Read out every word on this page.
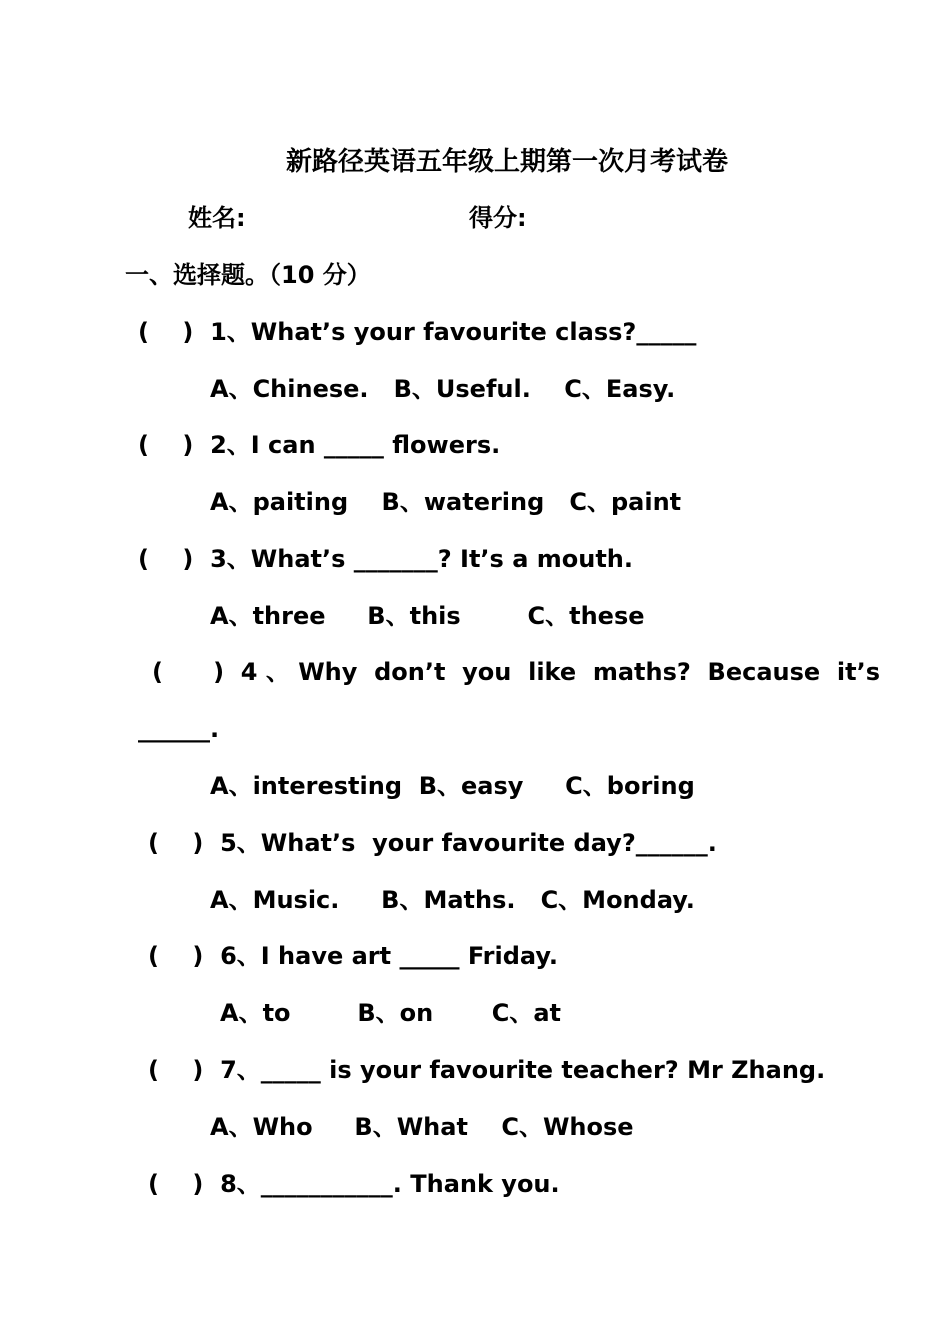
新路径英语五年级上期第一次月考试卷
姓名:	得分:
一、选择题。（10 分）
(    )  1、What’s your favourite class?_____
A、Chinese.   B、Useful.    C、Easy.
(    )  2、I can _____ flowers.
A、paiting    B、watering   C、paint
(    )  3、What’s _______? It’s a mouth.
A、three     B、this        C、these
(      )  4 、 Why  don’t  you  like  maths?  Because  it’s
______.
A、interesting  B、easy     C、boring
(    )  5、What’s  your favourite day?______.
A、Music.     B、Maths.   C、Monday.
(    )  6、I have art _____ Friday.
A、to        B、on       C、at
(    )  7、_____ is your favourite teacher? Mr Zhang.
A、Who     B、What    C、Whose
(    )  8、___________. Thank you.
